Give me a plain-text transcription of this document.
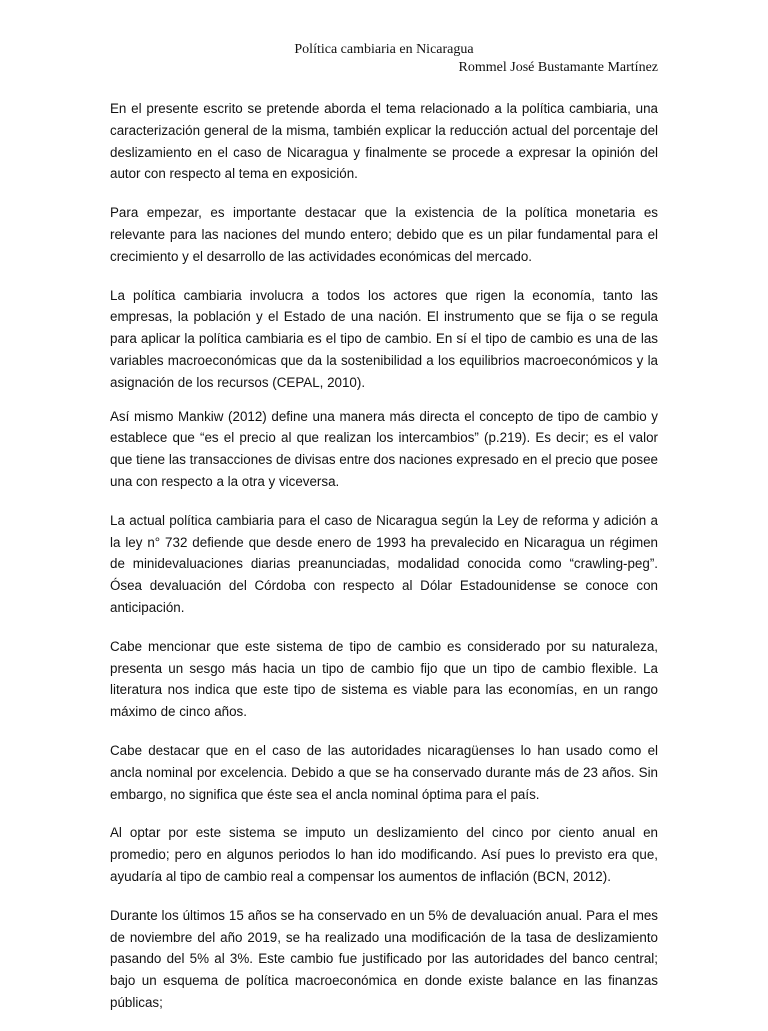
Política cambiaria en Nicaragua
Rommel José Bustamante Martínez

En el presente escrito se pretende aborda el tema relacionado a la política cambiaria, una caracterización general de la misma, también explicar la reducción actual del porcentaje del deslizamiento en el caso de Nicaragua y finalmente se procede a expresar la opinión del autor con respecto al tema en exposición.

Para empezar, es importante destacar que la existencia de la política monetaria es relevante para las naciones del mundo entero; debido que es un pilar fundamental para el crecimiento y el desarrollo de las actividades económicas del mercado.

La política cambiaria involucra a todos los actores que rigen la economía, tanto las empresas, la población y el Estado de una nación. El instrumento que se fija o se regula para aplicar la política cambiaria es el tipo de cambio. En sí el tipo de cambio es una de las variables macroeconómicas que da la sostenibilidad a los equilibrios macroeconómicos y la asignación de los recursos (CEPAL, 2010).

Así mismo Mankiw (2012) define una manera más directa el concepto de tipo de cambio y establece que “es el precio al que realizan los intercambios” (p.219). Es decir; es el valor que tiene las transacciones de divisas entre dos naciones expresado en el precio que posee una con respecto a la otra y viceversa.

La actual política cambiaria para el caso de Nicaragua según la Ley de reforma y adición a la ley n° 732 defiende que desde enero de 1993 ha prevalecido en Nicaragua un régimen de minidevaluaciones diarias preanunciadas, modalidad conocida como “crawling-peg”. Ósea devaluación del Córdoba con respecto al Dólar Estadounidense se conoce con anticipación.

Cabe mencionar que este sistema de tipo de cambio es considerado por su naturaleza, presenta un sesgo más hacia un tipo de cambio fijo que un tipo de cambio flexible. La literatura nos indica que este tipo de sistema es viable para las economías, en un rango máximo de cinco años.

Cabe destacar que en el caso de las autoridades nicaragüenses lo han usado como el ancla nominal por excelencia. Debido a que se ha conservado durante más de 23 años. Sin embargo, no significa que éste sea el ancla nominal óptima para el país.

Al optar por este sistema se imputo un deslizamiento del cinco por ciento anual en promedio; pero en algunos periodos lo han ido modificando. Así pues lo previsto era que, ayudaría al tipo de cambio real a compensar los aumentos de inflación (BCN, 2012).

Durante los últimos 15 años se ha conservado en un 5% de devaluación anual. Para el mes de noviembre del año 2019, se ha realizado una modificación de la tasa de deslizamiento pasando del 5% al 3%. Este cambio fue justificado por las autoridades del banco central; bajo un esquema de política macroeconómica en donde existe balance en las finanzas públicas;
